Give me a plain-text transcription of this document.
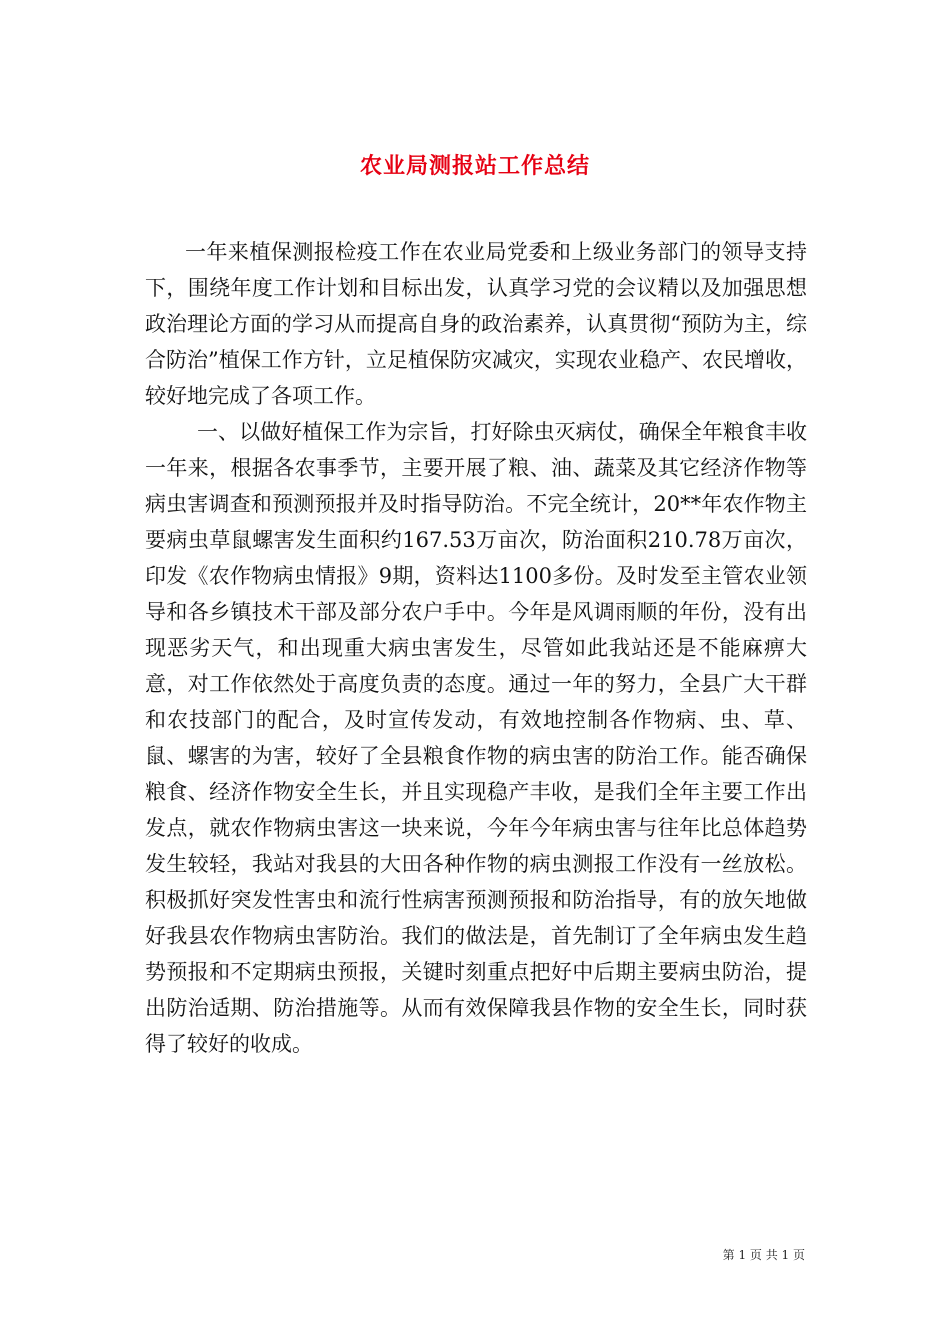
农业局测报站工作总结

一年来植保测报检疫工作在农业局党委和上级业务部门的领导支持下，围绕年度工作计划和目标出发，认真学习党的会议精以及加强思想政治理论方面的学习从而提高自身的政治素养，认真贯彻“预防为主，综合防治”植保工作方针，立足植保防灾减灾，实现农业稳产、农民增收，较好地完成了各项工作。

一、以做好植保工作为宗旨，打好除虫灭病仗，确保全年粮食丰收一年来，根据各农事季节，主要开展了粮、油、蔬菜及其它经济作物等病虫害调查和预测预报并及时指导防治。不完全统计，20**年农作物主要病虫草鼠螺害发生面积约167.53万亩次，防治面积210.78万亩次，印发《农作物病虫情报》9期，资料达1100多份。及时发至主管农业领导和各乡镇技术干部及部分农户手中。今年是风调雨顺的年份，没有出现恶劣天气，和出现重大病虫害发生，尽管如此我站还是不能麻痹大意，对工作依然处于高度负责的态度。通过一年的努力，全县广大干群和农技部门的配合，及时宣传发动，有效地控制各作物病、虫、草、鼠、螺害的为害，较好了全县粮食作物的病虫害的防治工作。能否确保粮食、经济作物安全生长，并且实现稳产丰收，是我们全年主要工作出发点，就农作物病虫害这一块来说，今年今年病虫害与往年比总体趋势发生较轻，我站对我县的大田各种作物的病虫测报工作没有一丝放松。积极抓好突发性害虫和流行性病害预测预报和防治指导，有的放矢地做好我县农作物病虫害防治。我们的做法是，首先制订了全年病虫发生趋势预报和不定期病虫预报，关键时刻重点把好中后期主要病虫防治，提出防治适期、防治措施等。从而有效保障我县作物的安全生长，同时获得了较好的收成。

第 1 页 共 1 页
